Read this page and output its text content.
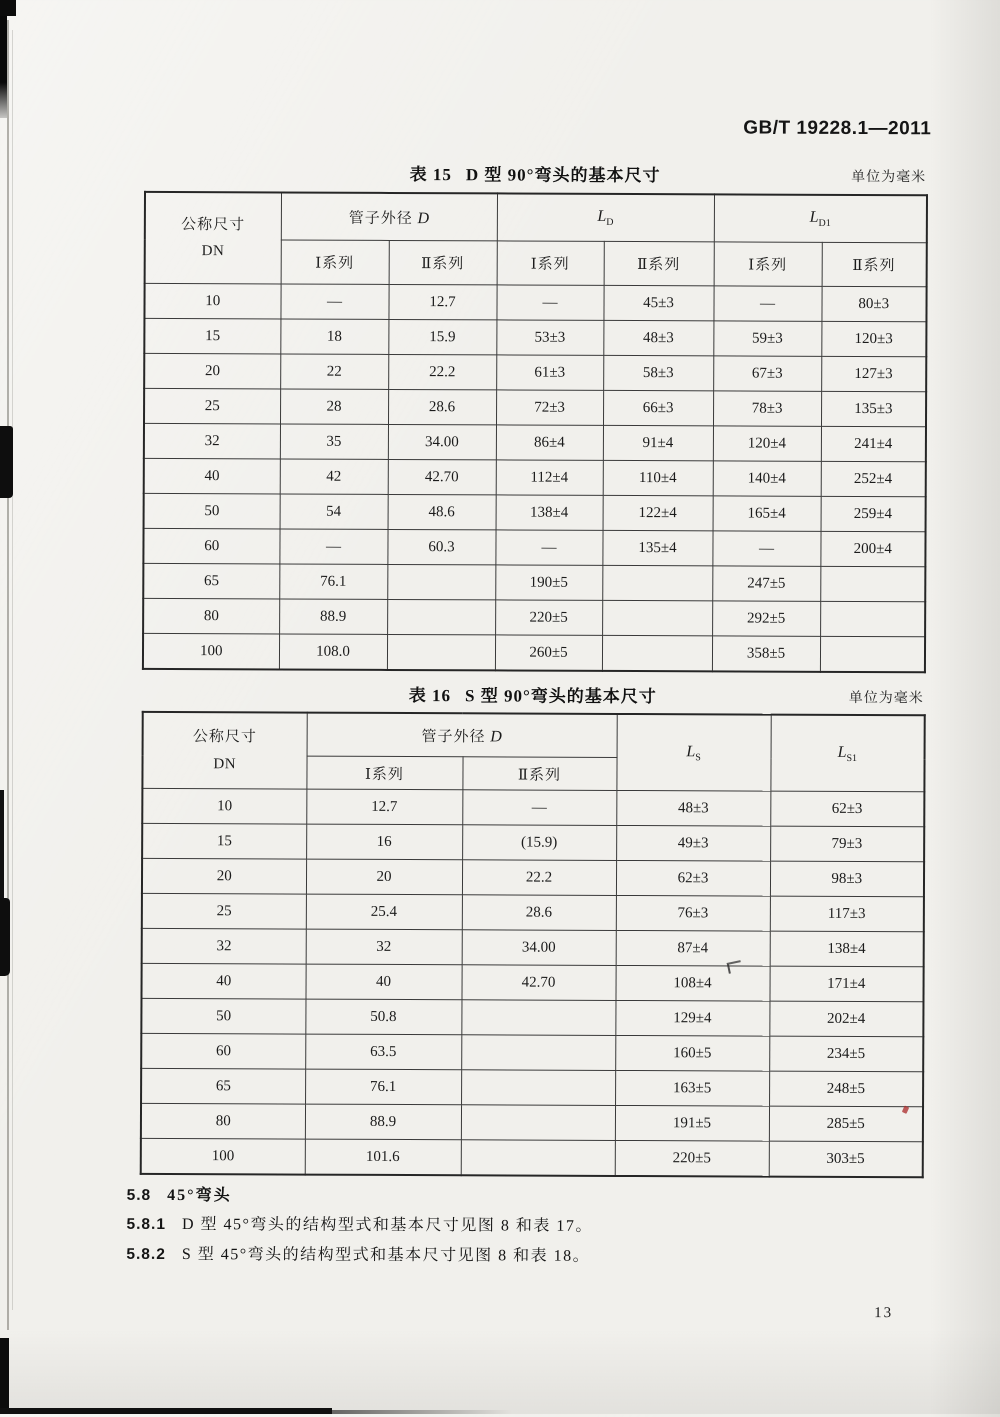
GB/T 19228.1—2011
表 15 D 型 90°弯头的基本尺寸	单位为毫米
公称尺寸
DN	管子外径 D		$L_D$		$L_{D1}$
	Ⅰ系列	Ⅱ系列	Ⅰ系列	Ⅱ系列	Ⅰ系列	Ⅱ系列
10	—	12.7	—	45±3	—	80±3
15	18	15.9	53±3	48±3	59±3	120±3
20	22	22.2	61±3	58±3	67±3	127±3
25	28	28.6	72±3	66±3	78±3	135±3
32	35	34.00	86±4	91±4	120±4	241±4
40	42	42.70	112±4	110±4	140±4	252±4
50	54	48.6	138±4	122±4	165±4	259±4
60	—	60.3	—	135±4	—	200±4
65	76.1		190±5		247±5	
80	88.9		220±5		292±5	
100	108.0		260±5		358±5	
表 16 S 型 90°弯头的基本尺寸	单位为毫米
公称尺寸
DN	管子外径 D		$L_S$	$L_{S1}$
	Ⅰ系列	Ⅱ系列		
10	12.7	—	48±3	62±3
15	16	(15.9)	49±3	79±3
20	20	22.2	62±3	98±3
25	25.4	28.6	76±3	117±3
32	32	34.00	87±4	138±4
40	40	42.70	108±4	171±4
50	50.8		129±4	202±4
60	63.5		160±5	234±5
65	76.1		163±5	248±5
80	88.9		191±5	285±5
100	101.6		220±5	303±5
5.8 45°弯头
5.8.1 D 型 45°弯头的结构型式和基本尺寸见图 8 和表 17。
5.8.2 S 型 45°弯头的结构型式和基本尺寸见图 8 和表 18。
13
